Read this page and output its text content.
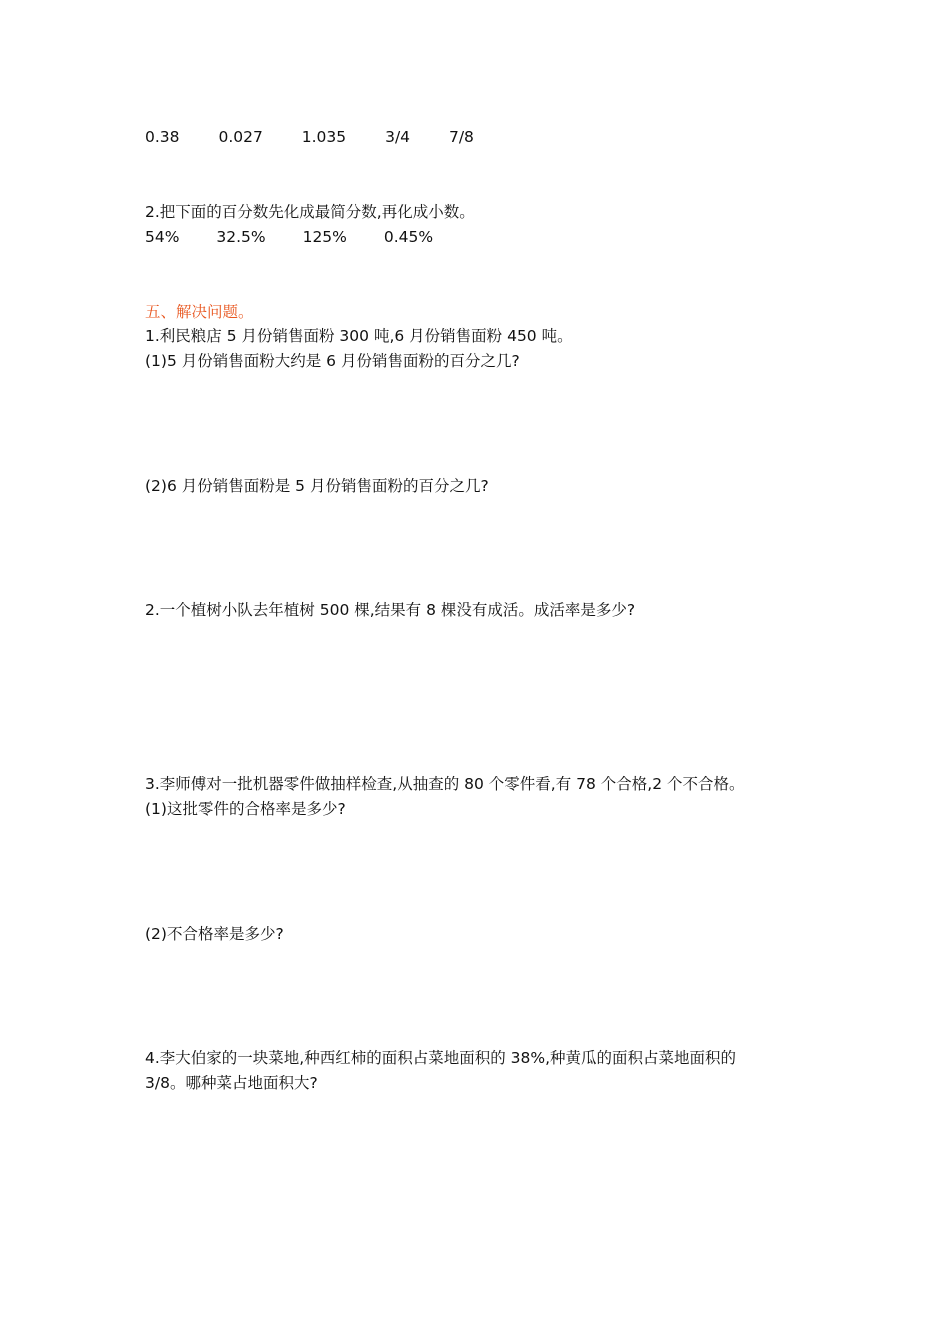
0.38	0.027	1.035	3/4	7/8
2.把下面的百分数先化成最简分数,再化成小数。
54% 32.5% 125% 0.45%
五、解决问题。
1.利民粮店 5 月份销售面粉 300 吨,6 月份销售面粉 450 吨。
(1)5 月份销售面粉大约是 6 月份销售面粉的百分之几?
(2)6 月份销售面粉是 5 月份销售面粉的百分之几?
2.一个植树小队去年植树 500 棵,结果有 8 棵没有成活。成活率是多少?
3.李师傅对一批机器零件做抽样检查,从抽查的 80 个零件看,有 78 个合格,2 个不合格。
(1)这批零件的合格率是多少?
(2)不合格率是多少?
4.李大伯家的一块菜地,种西红柿的面积占菜地面积的 38%,种黄瓜的面积占菜地面积的
3/8。哪种菜占地面积大?
